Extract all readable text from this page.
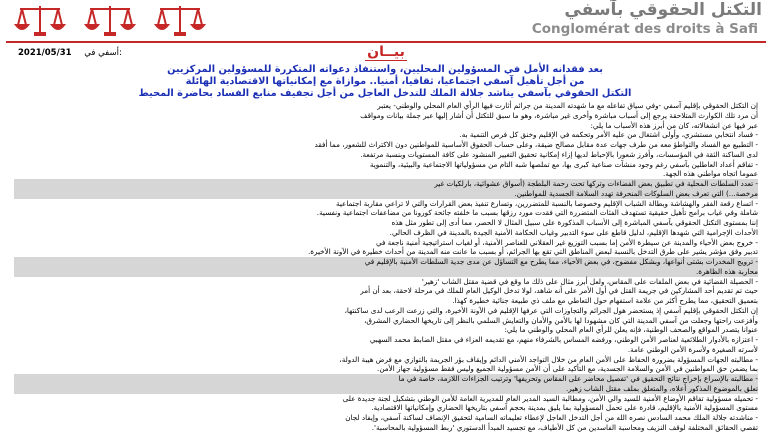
التكتل الحقوقي بآسفي
Conglomérat des droits à Safi
2021/05/31 أسفي في:	بيــان
بعد فقدانه الأمل في المسؤولين المحليين، واستنفاذ دعواته المتكررة للمسؤولين المركزيين
من أجل تأهيل آسفي اجتماعيا، ثقافيا، أمنيا.. موازاة مع إمكانياتها الاقتصادية الهائلة
التكتل الحقوقي بآسفي يناشد جلالة الملك للتدخل العاجل من أجل تجفيف منابع الفساد بحاضرة المحيط

إن التكتل الحقوقي بإقليم آسفي -وفي سياق تفاعله مع ما شهدته المدينة من جرائم أثارت فيها الرأي العام المحلي والوطني- يعتبر

أن مرد تلك الكوارث المتلاحقة يرجع إلى أسباب مباشرة وأخرى غير مباشرة، وهو ما سبق للتكتل أن أشار إليها عبر جملة بيانات ومواقف

عبر فيها عن انشغالاته، كان من أبرز هذه الأسباب ما يلي:

- فساد انتخابي مستشري، وأولى اشتغال من عليه الأمر وتحكمه في الإقليم وخنق كل فرص التنمية به.

- التطبيع مع الفساد والتواطؤ معه من طرف جهات عدة مقابل مصالح ضيقة، وعلى حساب الحقوق الأساسية للمواطنين دون الاكتراث للشعور، مما أفقد

لدى الساكنة الثقة في المؤسسات، وأفرز شعورا بالإحباط لديها إزاء إمكانية تحقيق التغيير المنشود على كافة المستويات وبنسبة مرتفعة.

- تفاقم أعداد العاطلين بآسفي رغم وجود منشآت صناعية كبرى بها، مع تملصها شبه التام من مسؤولياتها الاجتماعية والبيئية، والتنموية

عموما اتجاه مواطني هذه الجهة.

- تعدد السلطات المحلية في تطبيق بعض الفضاءات وتركها تحت رحمة البلطجة (أسواق عشوائية، بارلكيات غير

مرخصة...) التي تعرف بعض السلوكات المنحرفة تهدد السلامة الجسدية للمواطنين.

- اتساع رقعة الفقر والهشاشة وبطالة الشباب الإقليم وخصوصا بالنسبة للمتضررين، وتسارع تنفيذ بعض القرارات والتي لا تراعي مقاربة اجتماعية

شاملة وفي غياب برامج تأهيل حقيقية تستهدف الفئات المتضررة التي فقدت مورد رزقها بسبب ما خلفته جائحة كورونا من مضاعفات اجتماعية ونفسية.

إننا بمستوى التكتل الحقوقي بآسفي المباشرة إلى الأسباب المذكورة على سبيل المثال لا الحصر، مما أدى إلى تطور مثل هذه

الأحداث الإجرامية التي شهدها الإقليم، لدليل قاطع على سوء التدبير وغياب الحكامة الأمنية الجيدة بالمدينة في الظرف الحالي.

- خروج بعض الأحياء والمدينة عن سيطرة الأمن إما بسبب التوزيع غير العقلاني للعناصر الأمنية، أو لغياب استراتيجية أمنية ناجعة في

تدبير وفق مؤشر يشير على طرق التدخل بالنسبة لبعض المناطق التي تقع بها الجرائم، أو بسبب ما عانت منه المدينة من أحداث خطيرة في الآونة الأخيرة.

- ترويج المخدرات بشتى أنواعها، وبشكل مفضوح، في بعض الأحياء، مما يطرح مع التساؤل عن مدى جدية السلطات الأمنية بالإقليم في

محاربة هذه الظاهرة.

- الحصيلة القضائية في بعض الملفات على المقاس، ولعل أبرز مثال على ذلك ما وقع في قضية مقتل الشاب 'زهير'

حيث تم تقديم أحد المشاركين في جريمة القتل في أول الأمر على أنه شاهد، لولا تدخل الوكيل العام للملك في مرحلة لاحقة، بعد أن أمر

بتعميق التحقيق، مما يطرح أكثر من علامة استفهام حول التعاطي مع ملف ذي طبيعة جنائية خطيرة كهذا.

إن التكتل الحقوقي بإقليم آسفي إذ يستحضر هول الجرائم والتجاوزات التي عرفها الإقليم في الآونة الأخيرة، والتي زرعت الرعب لدى ساكنتها،

وأفزعت راحتها وجعلت من آسفي المدينة التي كان مشهودا لها بالأمن والأمان والتعايش السلمي بالنظر إلى تاريخها الحضاري المشرق،

عنوانا يتصدر المواقع والصحف الوطنية، فإنه يعلن للرأي العام المحلي والوطني ما يلي:

- اعتزازه بالأدوار الطلائعية لعناصر الأمن الوطني، ورفضه المساس بالشرفاء منهم، مع تقديمه العزاء في مقتل الضابط محمد السهبي

لأسرته الصغيرة ولأسرة الأمن الوطني عامة.

- مطالبته الجهات المسؤولة بضرورة الحفاظ على الأمن العام من خلال التواجد الأمني الدائم وإيقاف بؤر الجريمة بالتوازي مع فرض هيبة الدولة،

بما يضمن حق المواطنين في الأمن والسلامة الجسدية، مع التأكيد على أن الأمن مسؤولية الجميع وليس فقط مسؤولية جهاز الأمن.

- مطالبته بالإسراع بإخراج نتائج التحقيق في 'تفصيل محاضر على المقاس وتحريفها' وترتيب الجزاءات اللازمة، خاصة في ما

تعلق بالموضوع المذكور أعلاه، والمتعلق بملف مقتل الشاب زهير.

- تحميله مسؤولية تفاقم الأوضاع الأمنية للسيد والي الأمن، ومطالبة السيد المدير العام للمديرية العامة للأمن الوطني بتشكيل لجنة جديدة على

مستوى المسؤولية الأمنية بالإقليم، قادرة على تحمل المسؤولية بما يليق بمدينة بحجم آسفي بتاريخها الحضاري وإمكانياتها الاقتصادية.

- مناشدته جلالة الملك محمد السادس نصره الله من أجل التدخل العاجل لإعطاء تعليماته السامية لتحقيق الإنصاف لساكنة آسفي، وإيفاد لجان

تقصي الحقائق المختلفة لوقف النزيف ومحاسبة الفاسدين من كل الأطياف، مع تجسيد المبدأ الدستوري 'ربط المسؤولية بالمحاسبة'.
